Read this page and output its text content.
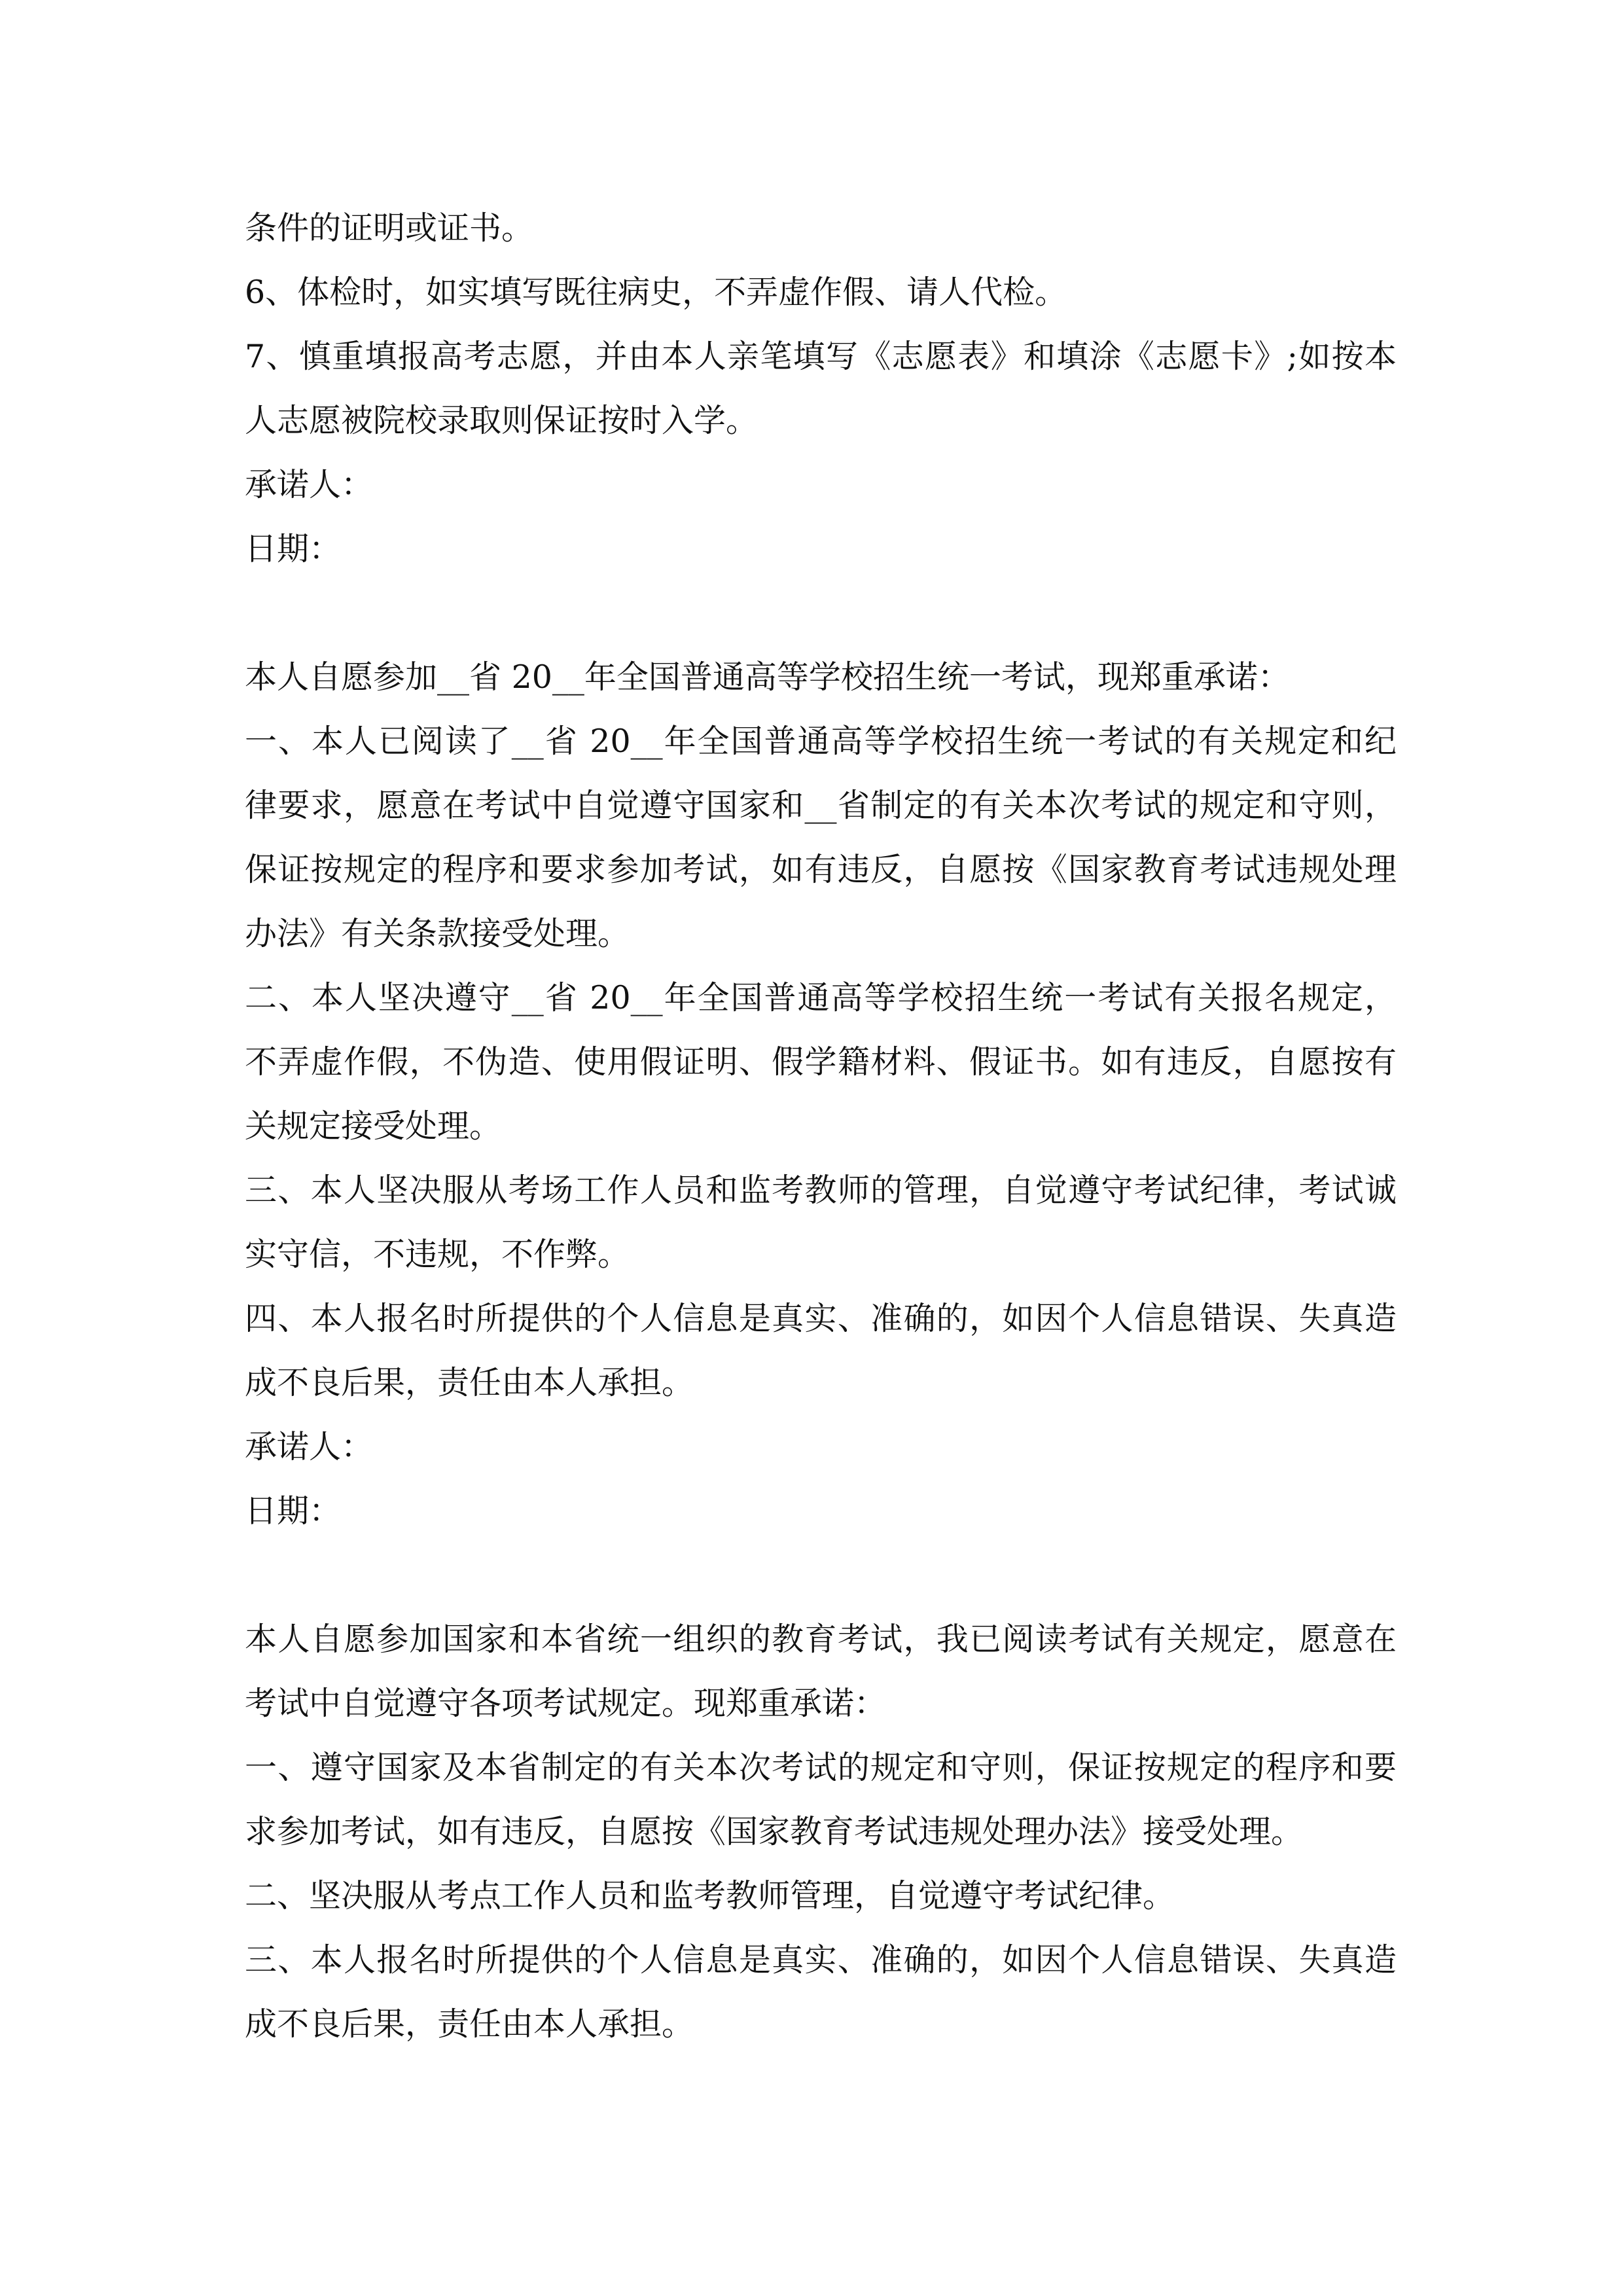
条件的证明或证书。
6、体检时，如实填写既往病史，不弄虚作假、请人代检。
7、慎重填报高考志愿，并由本人亲笔填写《志愿表》和填涂《志愿卡》;如按本
人志愿被院校录取则保证按时入学。
承诺人：
日期：
本人自愿参加__省 20__年全国普通高等学校招生统一考试，现郑重承诺：
一、本人已阅读了__省 20__年全国普通高等学校招生统一考试的有关规定和纪
律要求，愿意在考试中自觉遵守国家和__省制定的有关本次考试的规定和守则，
保证按规定的程序和要求参加考试，如有违反，自愿按《国家教育考试违规处理
办法》有关条款接受处理。
二、本人坚决遵守__省 20__年全国普通高等学校招生统一考试有关报名规定，
不弄虚作假，不伪造、使用假证明、假学籍材料、假证书。如有违反，自愿按有
关规定接受处理。
三、本人坚决服从考场工作人员和监考教师的管理，自觉遵守考试纪律，考试诚
实守信，不违规，不作弊。
四、本人报名时所提供的个人信息是真实、准确的，如因个人信息错误、失真造
成不良后果，责任由本人承担。
承诺人：
日期：
本人自愿参加国家和本省统一组织的教育考试，我已阅读考试有关规定，愿意在
考试中自觉遵守各项考试规定。现郑重承诺：
一、遵守国家及本省制定的有关本次考试的规定和守则，保证按规定的程序和要
求参加考试，如有违反，自愿按《国家教育考试违规处理办法》接受处理。
二、坚决服从考点工作人员和监考教师管理，自觉遵守考试纪律。
三、本人报名时所提供的个人信息是真实、准确的，如因个人信息错误、失真造
成不良后果，责任由本人承担。
